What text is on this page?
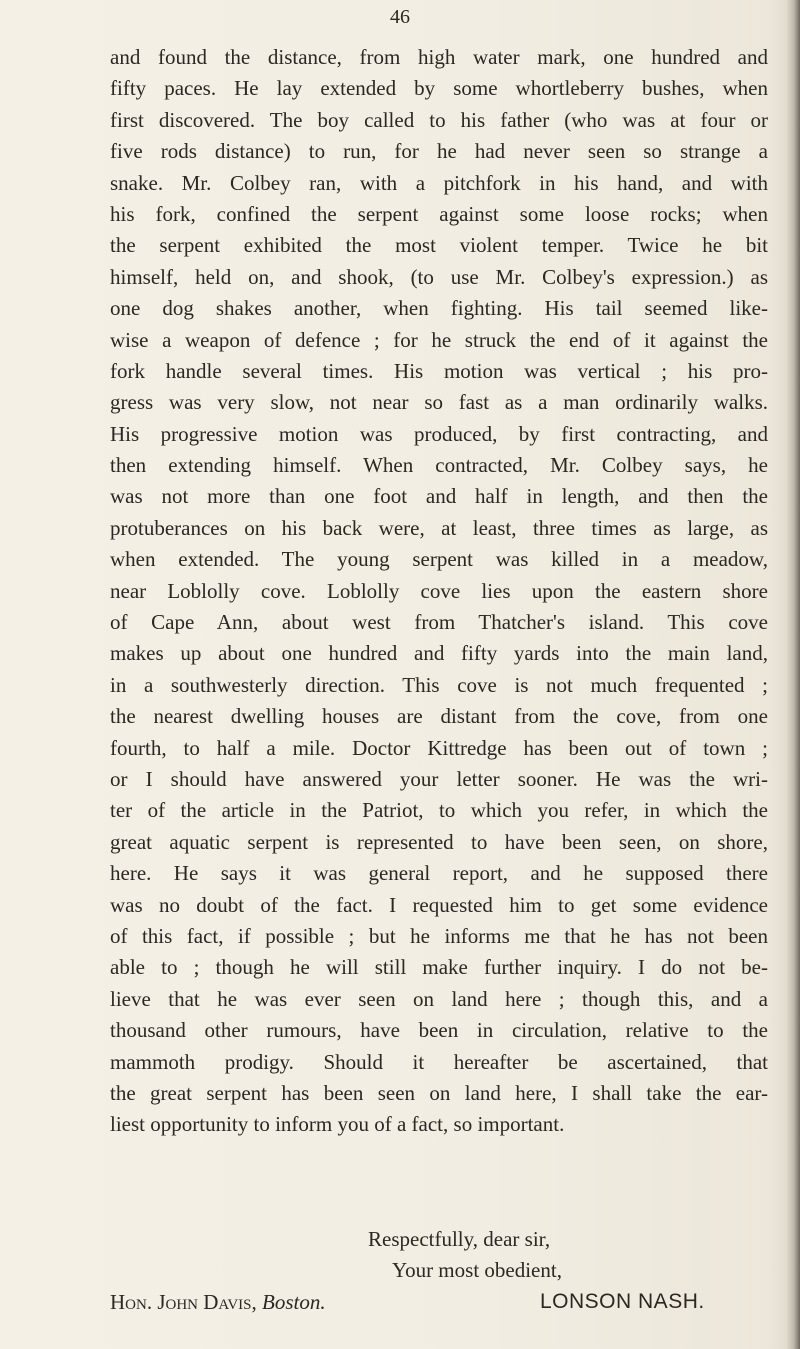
46
and found the distance, from high water mark, one hundred and
fifty paces. He lay extended by some whortleberry bushes, when
first discovered. The boy called to his father (who was at four or
five rods distance) to run, for he had never seen so strange a
snake. Mr. Colbey ran, with a pitchfork in his hand, and with
his fork, confined the serpent against some loose rocks; when
the serpent exhibited the most violent temper. Twice he bit
himself, held on, and shook, (to use Mr. Colbey's expression.) as
one dog shakes another, when fighting. His tail seemed like-
wise a weapon of defence ; for he struck the end of it against the
fork handle several times. His motion was vertical ; his pro-
gress was very slow, not near so fast as a man ordinarily walks.
His progressive motion was produced, by first contracting, and
then extending himself. When contracted, Mr. Colbey says, he
was not more than one foot and half in length, and then the
protuberances on his back were, at least, three times as large, as
when extended. The young serpent was killed in a meadow,
near Loblolly cove. Loblolly cove lies upon the eastern shore
of Cape Ann, about west from Thatcher's island. This cove
makes up about one hundred and fifty yards into the main land,
in a southwesterly direction. This cove is not much frequented ;
the nearest dwelling houses are distant from the cove, from one
fourth, to half a mile. Doctor Kittredge has been out of town ;
or I should have answered your letter sooner. He was the wri-
ter of the article in the Patriot, to which you refer, in which the
great aquatic serpent is represented to have been seen, on shore,
here. He says it was general report, and he supposed there
was no doubt of the fact. I requested him to get some evidence
of this fact, if possible ; but he informs me that he has not been
able to ; though he will still make further inquiry. I do not be-
lieve that he was ever seen on land here ; though this, and a
thousand other rumours, have been in circulation, relative to the
mammoth prodigy. Should it hereafter be ascertained, that
the great serpent has been seen on land here, I shall take the ear-
liest opportunity to inform you of a fact, so important.
Respectfully, dear sir,
Your most obedient,
Hon. John Davis, Boston.	LONSON NASH.
